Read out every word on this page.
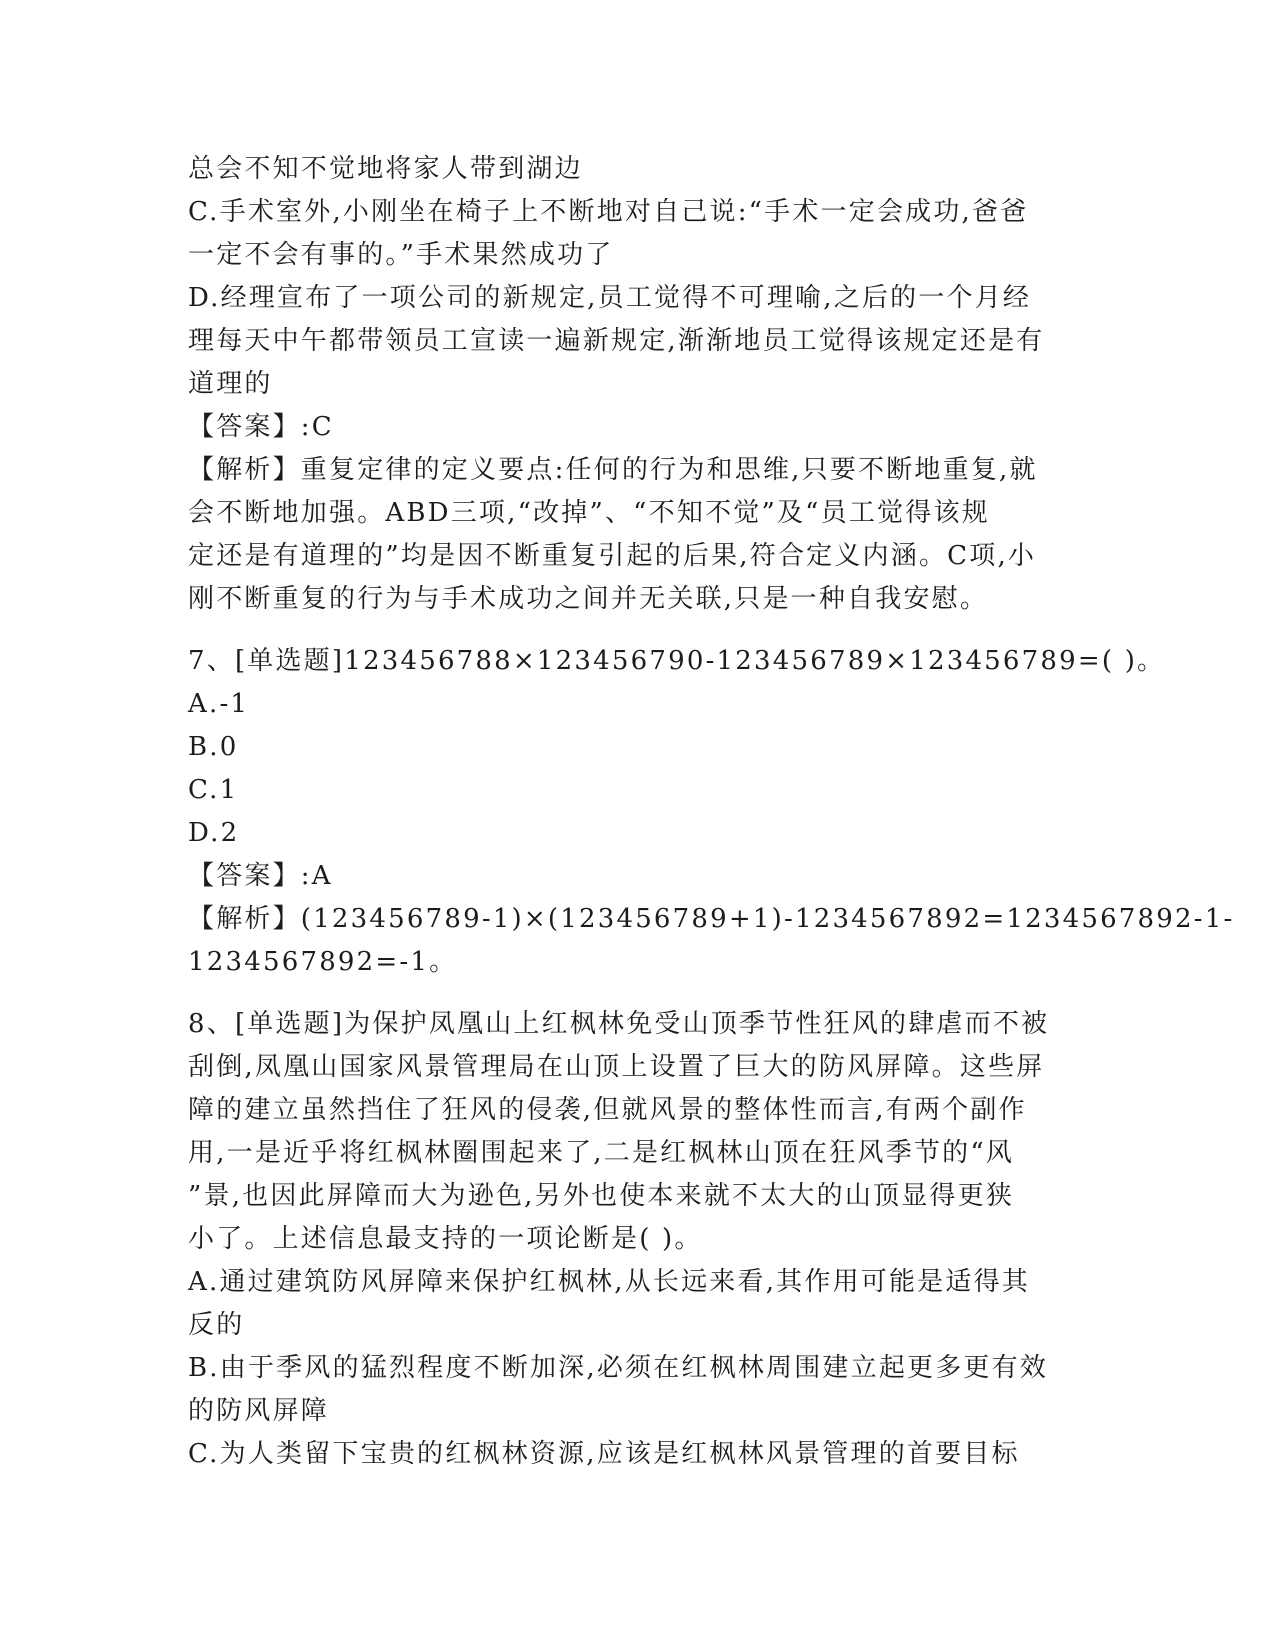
总会不知不觉地将家人带到湖边
C.手术室外,小刚坐在椅子上不断地对自己说:“手术一定会成功,爸爸
一定不会有事的。”手术果然成功了
D.经理宣布了一项公司的新规定,员工觉得不可理喻,之后的一个月经
理每天中午都带领员工宣读一遍新规定,渐渐地员工觉得该规定还是有
道理的
【答案】:C
【解析】重复定律的定义要点:任何的行为和思维,只要不断地重复,就
会不断地加强。ABD三项,“改掉”、“不知不觉”及“员工觉得该规
定还是有道理的”均是因不断重复引起的后果,符合定义内涵。C项,小
刚不断重复的行为与手术成功之间并无关联,只是一种自我安慰。
7、[单选题]123456788×123456790-123456789×123456789=( )。
A.-1
B.0
C.1
D.2
【答案】:A
【解析】(123456789-1)×(123456789+1)-1234567892=1234567892-1-
1234567892=-1。
8、[单选题]为保护凤凰山上红枫林免受山顶季节性狂风的肆虐而不被
刮倒,凤凰山国家风景管理局在山顶上设置了巨大的防风屏障。这些屏
障的建立虽然挡住了狂风的侵袭,但就风景的整体性而言,有两个副作
用,一是近乎将红枫林圈围起来了,二是红枫林山顶在狂风季节的“风
”景,也因此屏障而大为逊色,另外也使本来就不太大的山顶显得更狭
小了。上述信息最支持的一项论断是( )。
A.通过建筑防风屏障来保护红枫林,从长远来看,其作用可能是适得其
反的
B.由于季风的猛烈程度不断加深,必须在红枫林周围建立起更多更有效
的防风屏障
C.为人类留下宝贵的红枫林资源,应该是红枫林风景管理的首要目标
